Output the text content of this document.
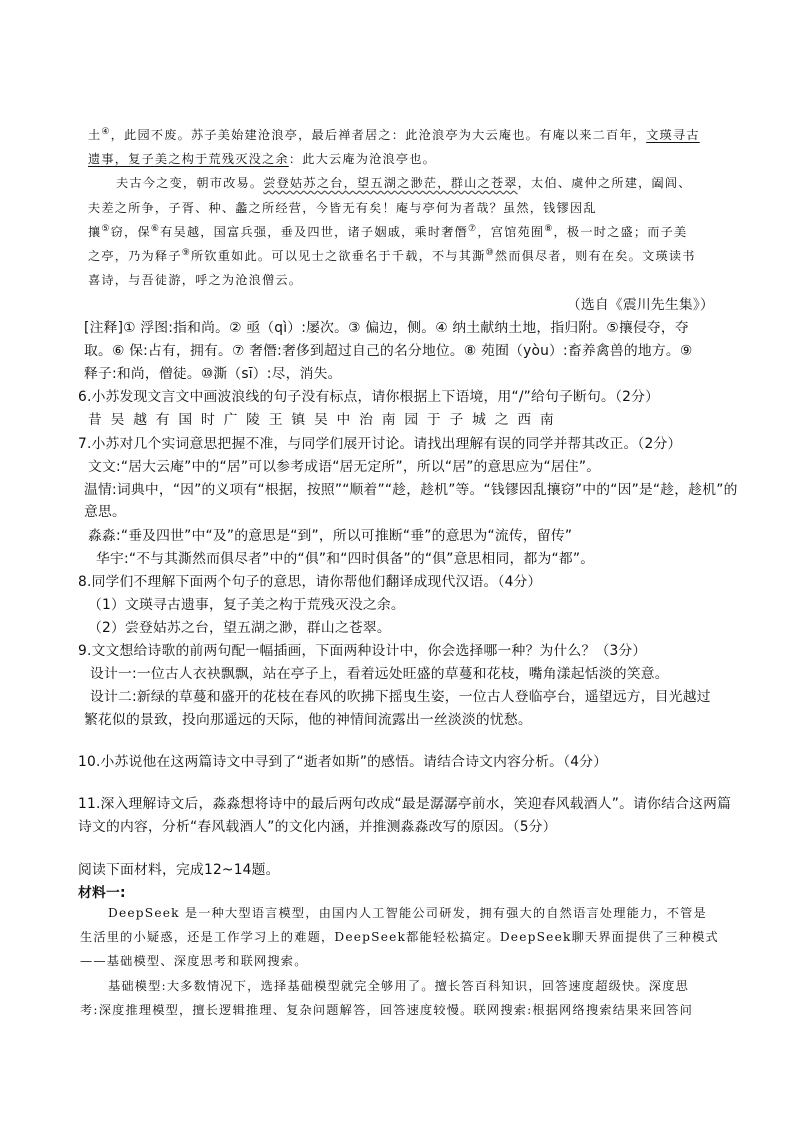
土④，此园不废。苏子美始建沧浪亭，最后禅者居之：此沧浪亭为大云庵也。有庵以来二百年，文瑛寻古
遗事，复子美之构于荒残灭没之余：此大云庵为沧浪亭也。
夫古今之变，朝市改易。尝登姑苏之台，望五湖之渺茫，群山之苍翠，太伯、虞仲之所建，阖闾、
夫差之所争，子胥、种、蠡之所经营，今皆无有矣！庵与亭何为者哉？虽然，钱镠因乱
攘⑤窃，保⑥有吴越，国富兵强，垂及四世，诸子姻戚，乘时奢僭⑦，宫馆苑囿⑧，极一时之盛；而子美
之亭，乃为释子⑨所钦重如此。可以见士之欲垂名于千载，不与其澌⑩然而俱尽者，则有在矣。文瑛读书
喜诗，与吾徒游，呼之为沧浪僧云。
（选自《震川先生集》）
[注释]① 浮图:指和尚。② 亟（qì）:屡次。③ 偏边，侧。④ 纳土献纳土地，指归附。⑤攘侵夺，夺
取。⑥ 保:占有，拥有。⑦ 奢僭:奢侈到超过自己的名分地位。⑧ 苑囿（yòu）:畜养禽兽的地方。⑨
释子:和尚，僧徒。⑩澌（sī）:尽，消失。
6.小苏发现文言文中画波浪线的句子没有标点，请你根据上下语境，用“/”给句子断句。（2分）
昔 吴 越 有 国 时 广 陵 王 镇 吴 中 治 南 园 于 子 城 之 西 南
7.小苏对几个实词意思把握不准，与同学们展开讨论。请找出理解有误的同学并帮其改正。（2分）
文文:“居大云庵”中的“居”可以参考成语“居无定所”，所以“居”的意思应为“居住”。
温情:词典中，“因”的义项有“根据，按照”“顺着”“趁，趁机”等。“钱镠因乱攘窃”中的“因”是“趁，趁机”的
意思。
淼淼:“垂及四世”中“及”的意思是“到”，所以可推断“垂”的意思为“流传，留传”
华宇:“不与其澌然而俱尽者”中的“俱”和“四时俱备”的“俱”意思相同，都为“都”。
8.同学们不理解下面两个句子的意思，请你帮他们翻译成现代汉语。（4分）
（1）文瑛寻古遗事，复子美之构于荒残灭没之余。
（2）尝登姑苏之台，望五湖之渺，群山之苍翠。
9.文文想给诗歌的前两句配一幅插画，下面两种设计中，你会选择哪一种？为什么？（3分）
设计一:一位古人衣袂飘飘，站在亭子上，看着远处旺盛的草蔓和花枝，嘴角漾起恬淡的笑意。
设计二:新绿的草蔓和盛开的花枝在春风的吹拂下摇曳生姿，一位古人登临亭台，遥望远方，目光越过
繁花似的景致，投向那遥远的天际，他的神情间流露出一丝淡淡的忧愁。
10.小苏说他在这两篇诗文中寻到了“逝者如斯”的感悟。请结合诗文内容分析。（4分）
11.深入理解诗文后，淼淼想将诗中的最后两句改成“最是潺潺亭前水，笑迎春风载酒人”。请你结合这两篇
诗文的内容，分析“春风载酒人”的文化内涵，并推测淼淼改写的原因。（5分）
阅读下面材料，完成12~14题。
材料一:
DeepSeek 是一种大型语言模型，由国内人工智能公司研发，拥有强大的自然语言处理能力，不管是
生活里的小疑惑，还是工作学习上的难题，DeepSeek都能轻松搞定。DeepSeek聊天界面提供了三种模式
——基础模型、深度思考和联网搜索。
基础模型:大多数情况下，选择基础模型就完全够用了。擅长答百科知识，回答速度超级快。深度思
考:深度推理模型，擅长逻辑推理、复杂问题解答，回答速度较慢。联网搜索:根据网络搜索结果来回答问
